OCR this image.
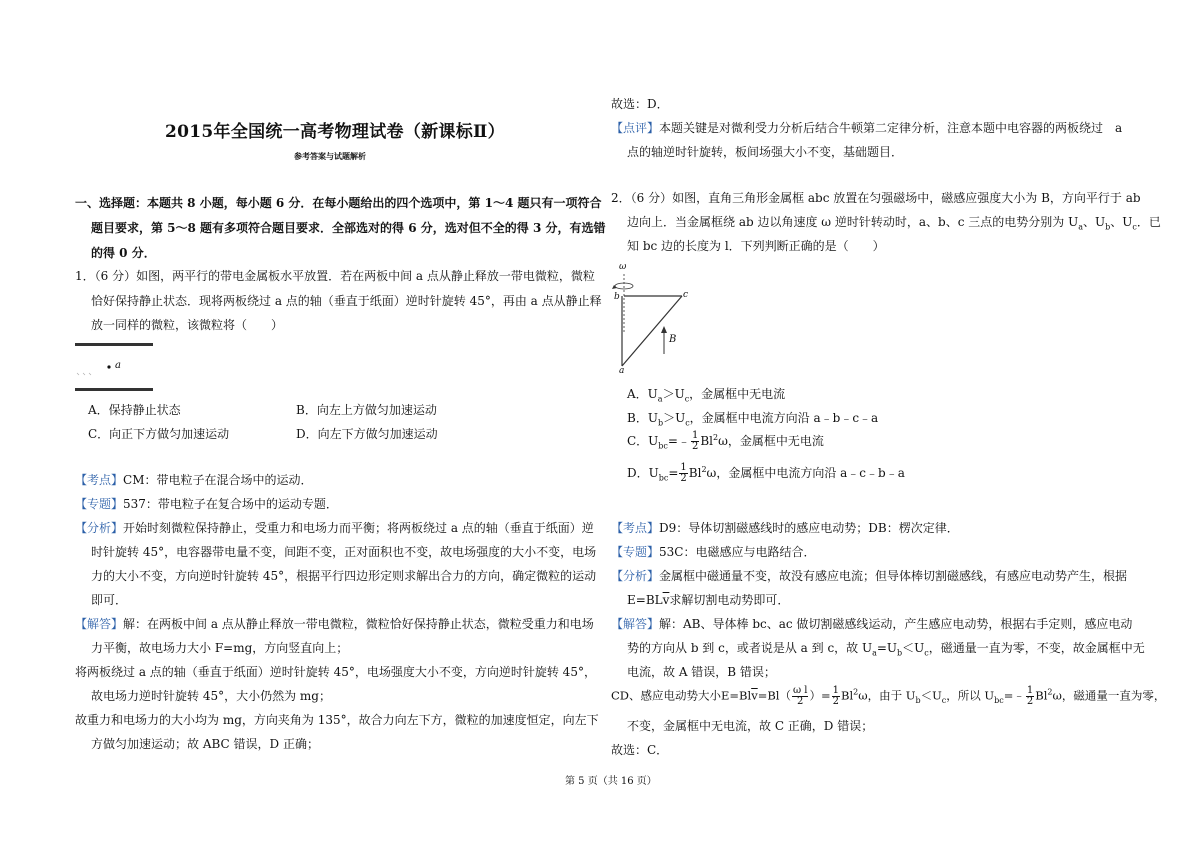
2015年全国统一高考物理试卷（新课标Ⅱ）
参考答案与试题解析
一、选择题：本题共 8 小题，每小题 6 分．在每小题给出的四个选项中，第 1～4 题只有一项符合
题目要求，第 5～8 题有多项符合题目要求．全部选对的得 6 分，选对但不全的得 3 分，有选错
的得 0 分．
1．（6 分）如图，两平行的带电金属板水平放置．若在两板中间 a 点从静止释放一带电微粒，微粒
恰好保持静止状态．现将两板绕过 a 点的轴（垂直于纸面）逆时针旋转 45°，再由 a 点从静止释
放一同样的微粒，该微粒将（　　）
a
A．保持静止状态	B．向左上方做匀加速运动
C．向正下方做匀加速运动	D．向左下方做匀加速运动
【考点】CM：带电粒子在混合场中的运动．
【专题】537：带电粒子在复合场中的运动专题．
【分析】开始时刻微粒保持静止，受重力和电场力而平衡；将两板绕过 a 点的轴（垂直于纸面）逆
时针旋转 45°，电容器带电量不变，间距不变，正对面积也不变，故电场强度的大小不变，电场
力的大小不变，方向逆时针旋转 45°，根据平行四边形定则求解出合力的方向，确定微粒的运动
即可．
【解答】解：在两板中间 a 点从静止释放一带电微粒，微粒恰好保持静止状态，微粒受重力和电场
力平衡，故电场力大小 F=mg，方向竖直向上；
将两板绕过 a 点的轴（垂直于纸面）逆时针旋转 45°，电场强度大小不变，方向逆时针旋转 45°，
故电场力逆时针旋转 45°，大小仍然为 mg；
故重力和电场力的大小均为 mg，方向夹角为 135°，故合力向左下方，微粒的加速度恒定，向左下
方做匀加速运动；故 ABC 错误，D 正确；
故选：D．
【点评】本题关键是对微利受力分析后结合牛顿第二定律分析，注意本题中电容器的两板绕过　a
点的轴逆时针旋转，板间场强大小不变，基础题目．
2．（6 分）如图，直角三角形金属框 abc 放置在匀强磁场中，磁感应强度大小为 B，方向平行于 ab
边向上．当金属框绕 ab 边以角速度 ω 逆时针转动时，a、b、c 三点的电势分别为 $U_a$、$U_b$、$U_c$．已
知 bc 边的长度为 l．下列判断正确的是（　　）
ω
b	c
a
B
A．$U_a>U_c$，金属框中无电流
B．$U_b>U_c$，金属框中电流方向沿 a﹣b﹣c﹣a
C．$U_{bc}=﹣ \frac{1}{2} Bl^2\omega$，金属框中无电流
D．$U_{bc}= \frac{1}{2} Bl^2\omega$，金属框中电流方向沿 a﹣c﹣b﹣a
【考点】D9：导体切割磁感线时的感应电动势；DB：楞次定律．
【专题】53C：电磁感应与电路结合．
【分析】金属框中磁通量不变，故没有感应电流；但导体棒切割磁感线，有感应电动势产生，根据
$E=BL\overline{v}$求解切割电动势即可．
【解答】解：AB、导体棒 bc、ac 做切割磁感线运动，产生感应电动势，根据右手定则，感应电动
势的方向从 b 到 c，或者说是从 a 到 c，故 $U_a=U_b<U_c$，磁通量一直为零，不变，故金属框中无
电流，故 A 错误，B 错误；
CD、感应电动势大小$E=Bl\overline{v}=Bl( \frac{\text{ω l}}{2}$ ）= $\frac{1}{2} Bl^2\omega$，由于 $U_b<U_c$，所以 $U_{bc}=﹣ \frac{1}{2} Bl^2\omega$，磁通量一直为零，
不变，金属框中无电流，故 C 正确，D 错误；
故选：C．
第 5 页（共 16 页）
